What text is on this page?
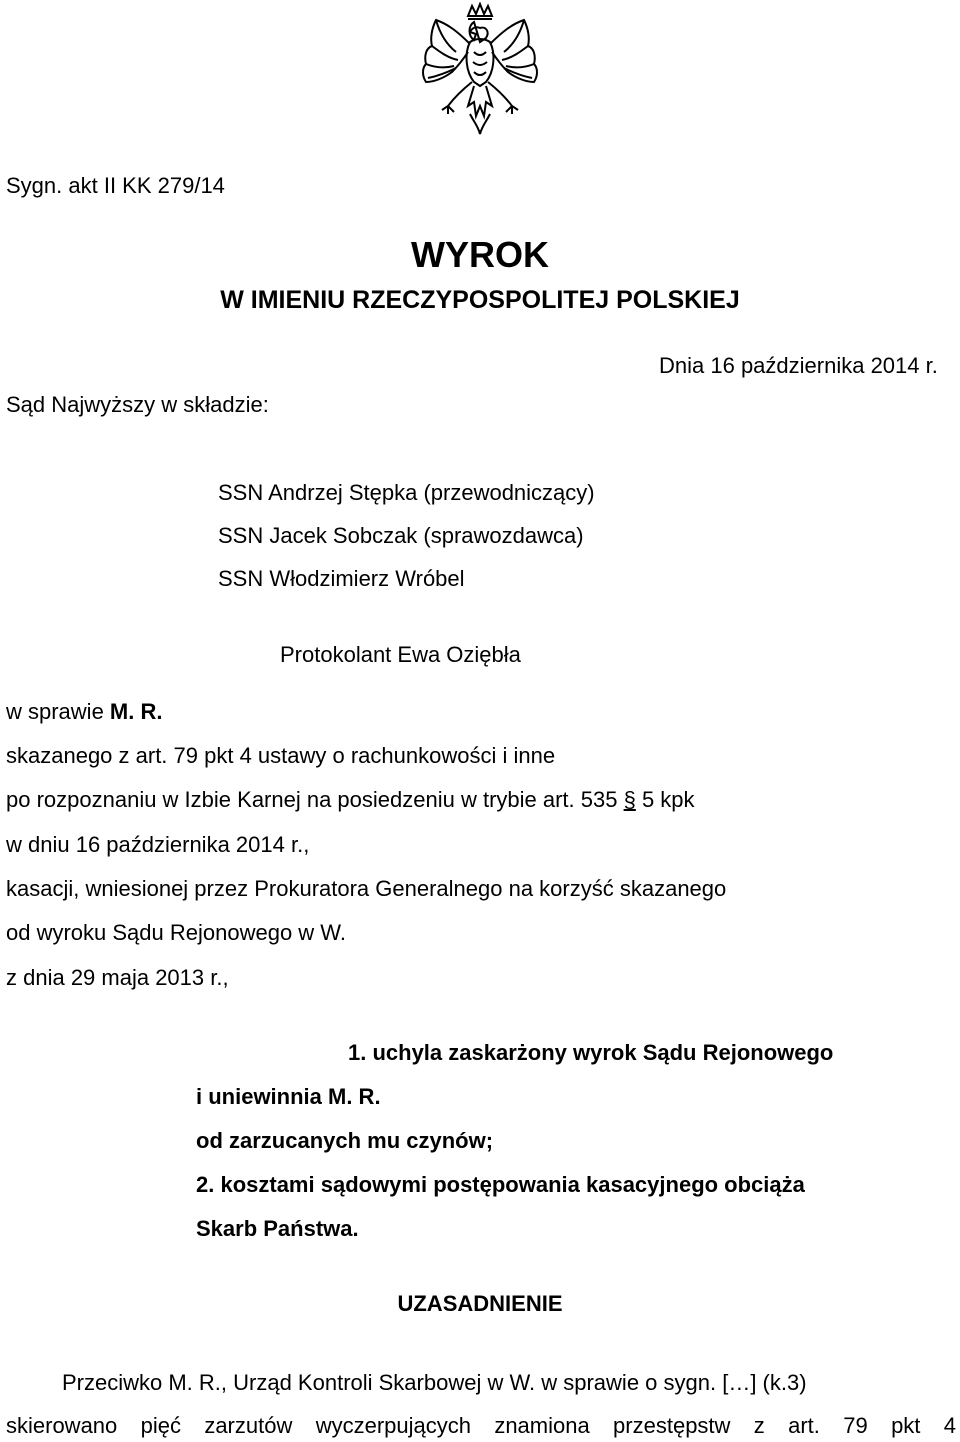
Sygn. akt II KK 279/14
WYROK
W IMIENIU RZECZYPOSPOLITEJ POLSKIEJ
Dnia 16 października 2014 r.
Sąd Najwyższy w składzie:
SSN Andrzej Stępka (przewodniczący)
SSN Jacek Sobczak (sprawozdawca)
SSN Włodzimierz Wróbel
Protokolant Ewa Oziębła
w sprawie M. R.
skazanego z art. 79 pkt 4 ustawy o rachunkowości i inne
po rozpoznaniu w Izbie Karnej na posiedzeniu w trybie art. 535 § 5 kpk
w dniu 16 października 2014 r.,
kasacji, wniesionej przez Prokuratora Generalnego na korzyść skazanego
od wyroku Sądu Rejonowego w W.
z dnia 29 maja 2013 r.,
1. uchyla zaskarżony wyrok Sądu Rejonowego
i uniewinnia M. R.
od zarzucanych mu czynów;
2. kosztami sądowymi postępowania kasacyjnego obciąża
Skarb Państwa.
UZASADNIENIE
Przeciwko M. R., Urząd Kontroli Skarbowej w W. w sprawie o sygn. […] (k.3)
skierowano pięć zarzutów wyczerpujących znamiona przestępstw z art. 79 pkt 4
